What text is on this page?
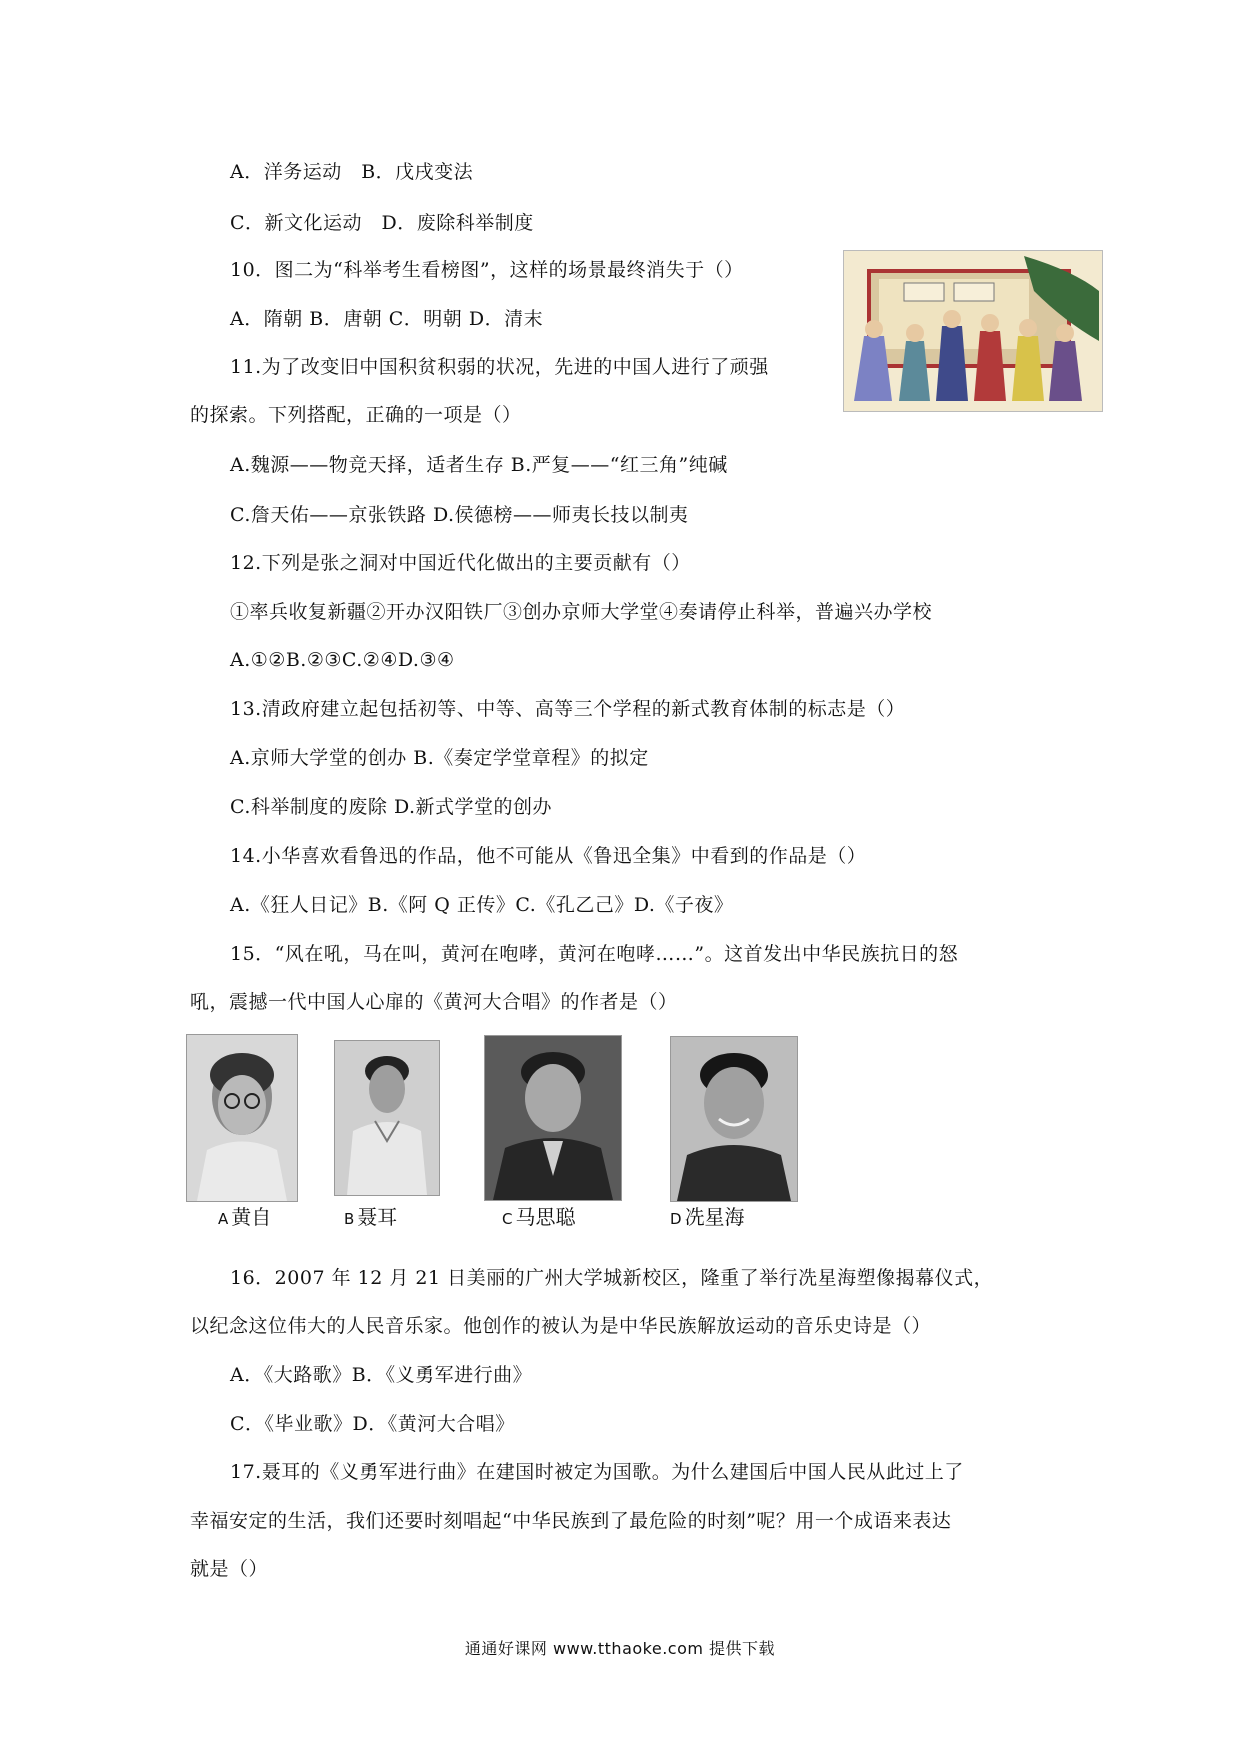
A．洋务运动　B．戊戌变法
C．新文化运动　D．废除科举制度
10．图二为“科举考生看榜图”，这样的场景最终消失于（）
A．隋朝 B．唐朝 C．明朝 D．清末
11.为了改变旧中国积贫积弱的状况，先进的中国人进行了顽强
的探索。下列搭配，正确的一项是（）
A.魏源——物竞天择，适者生存 B.严复——“红三角”纯碱
C.詹天佑——京张铁路 D.侯德榜——师夷长技以制夷
12.下列是张之洞对中国近代化做出的主要贡献有（）
①率兵收复新疆②开办汉阳铁厂③创办京师大学堂④奏请停止科举，普遍兴办学校
A.①②B.②③C.②④D.③④
13.清政府建立起包括初等、中等、高等三个学程的新式教育体制的标志是（）
A.京师大学堂的创办 B.《奏定学堂章程》的拟定
C.科举制度的废除 D.新式学堂的创办
14.小华喜欢看鲁迅的作品，他不可能从《鲁迅全集》中看到的作品是（）
A.《狂人日记》B.《阿 Q 正传》C.《孔乙己》D.《子夜》
15．“风在吼，马在叫，黄河在咆哮，黄河在咆哮……”。这首发出中华民族抗日的怒
吼，震撼一代中国人心扉的《黄河大合唱》的作者是（）
A 黄自	B 聂耳	C 马思聪	D 冼星海
16．2007 年 12 月 21 日美丽的广州大学城新校区，隆重了举行冼星海塑像揭幕仪式，
以纪念这位伟大的人民音乐家。他创作的被认为是中华民族解放运动的音乐史诗是（）
A．《大路歌》B．《义勇军进行曲》
C．《毕业歌》D．《黄河大合唱》
17.聂耳的《义勇军进行曲》在建国时被定为国歌。为什么建国后中国人民从此过上了
幸福安定的生活，我们还要时刻唱起“中华民族到了最危险的时刻”呢？用一个成语来表达
就是（）
通通好课网 www.tthaoke.com 提供下载
